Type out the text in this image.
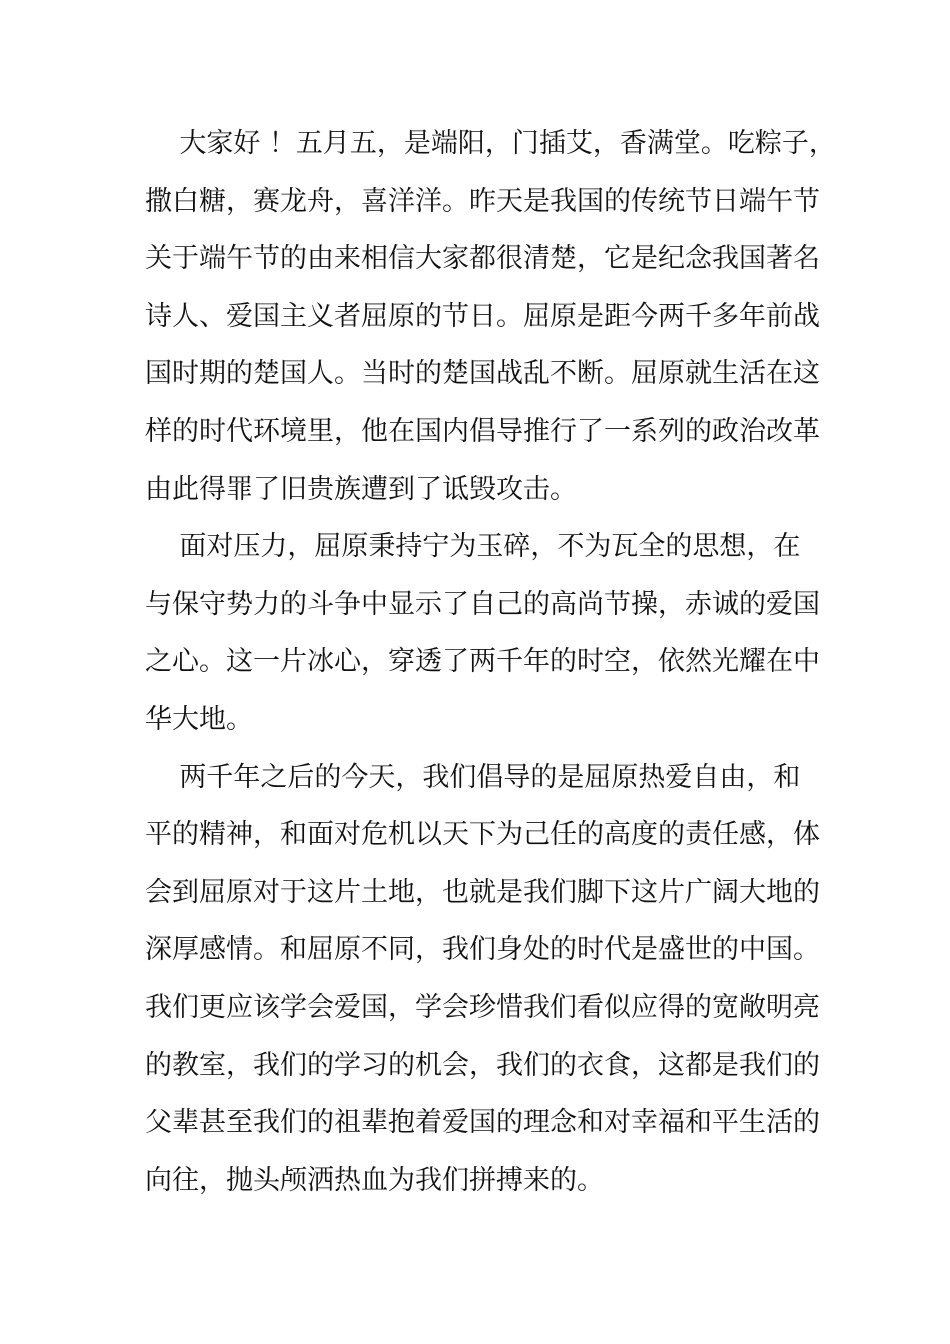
大家好 ！五月五，是端阳，门插艾，香满堂。吃粽子，
撒白糖，赛龙舟，喜洋洋。昨天是我国的传统节日端午节
关于端午节的由来相信大家都很清楚，它是纪念我国著名
诗人、爱国主义者屈原的节日。屈原是距今两千多年前战
国时期的楚国人。当时的楚国战乱不断。屈原就生活在这
样的时代环境里，他在国内倡导推行了一系列的政治改革
由此得罪了旧贵族遭到了诋毁攻击。
面对压力，屈原秉持宁为玉碎，不为瓦全的思想，在
与保守势力的斗争中显示了自己的高尚节操，赤诚的爱国
之心。这一片冰心，穿透了两千年的时空，依然光耀在中
华大地。
两千年之后的今天，我们倡导的是屈原热爱自由，和
平的精神，和面对危机以天下为己任的高度的责任感，体
会到屈原对于这片土地，也就是我们脚下这片广阔大地的
深厚感情。和屈原不同，我们身处的时代是盛世的中国。
我们更应该学会爱国，学会珍惜我们看似应得的宽敞明亮
的教室，我们的学习的机会，我们的衣食，这都是我们的
父辈甚至我们的祖辈抱着爱国的理念和对幸福和平生活的
向往，抛头颅洒热血为我们拼搏来的。
